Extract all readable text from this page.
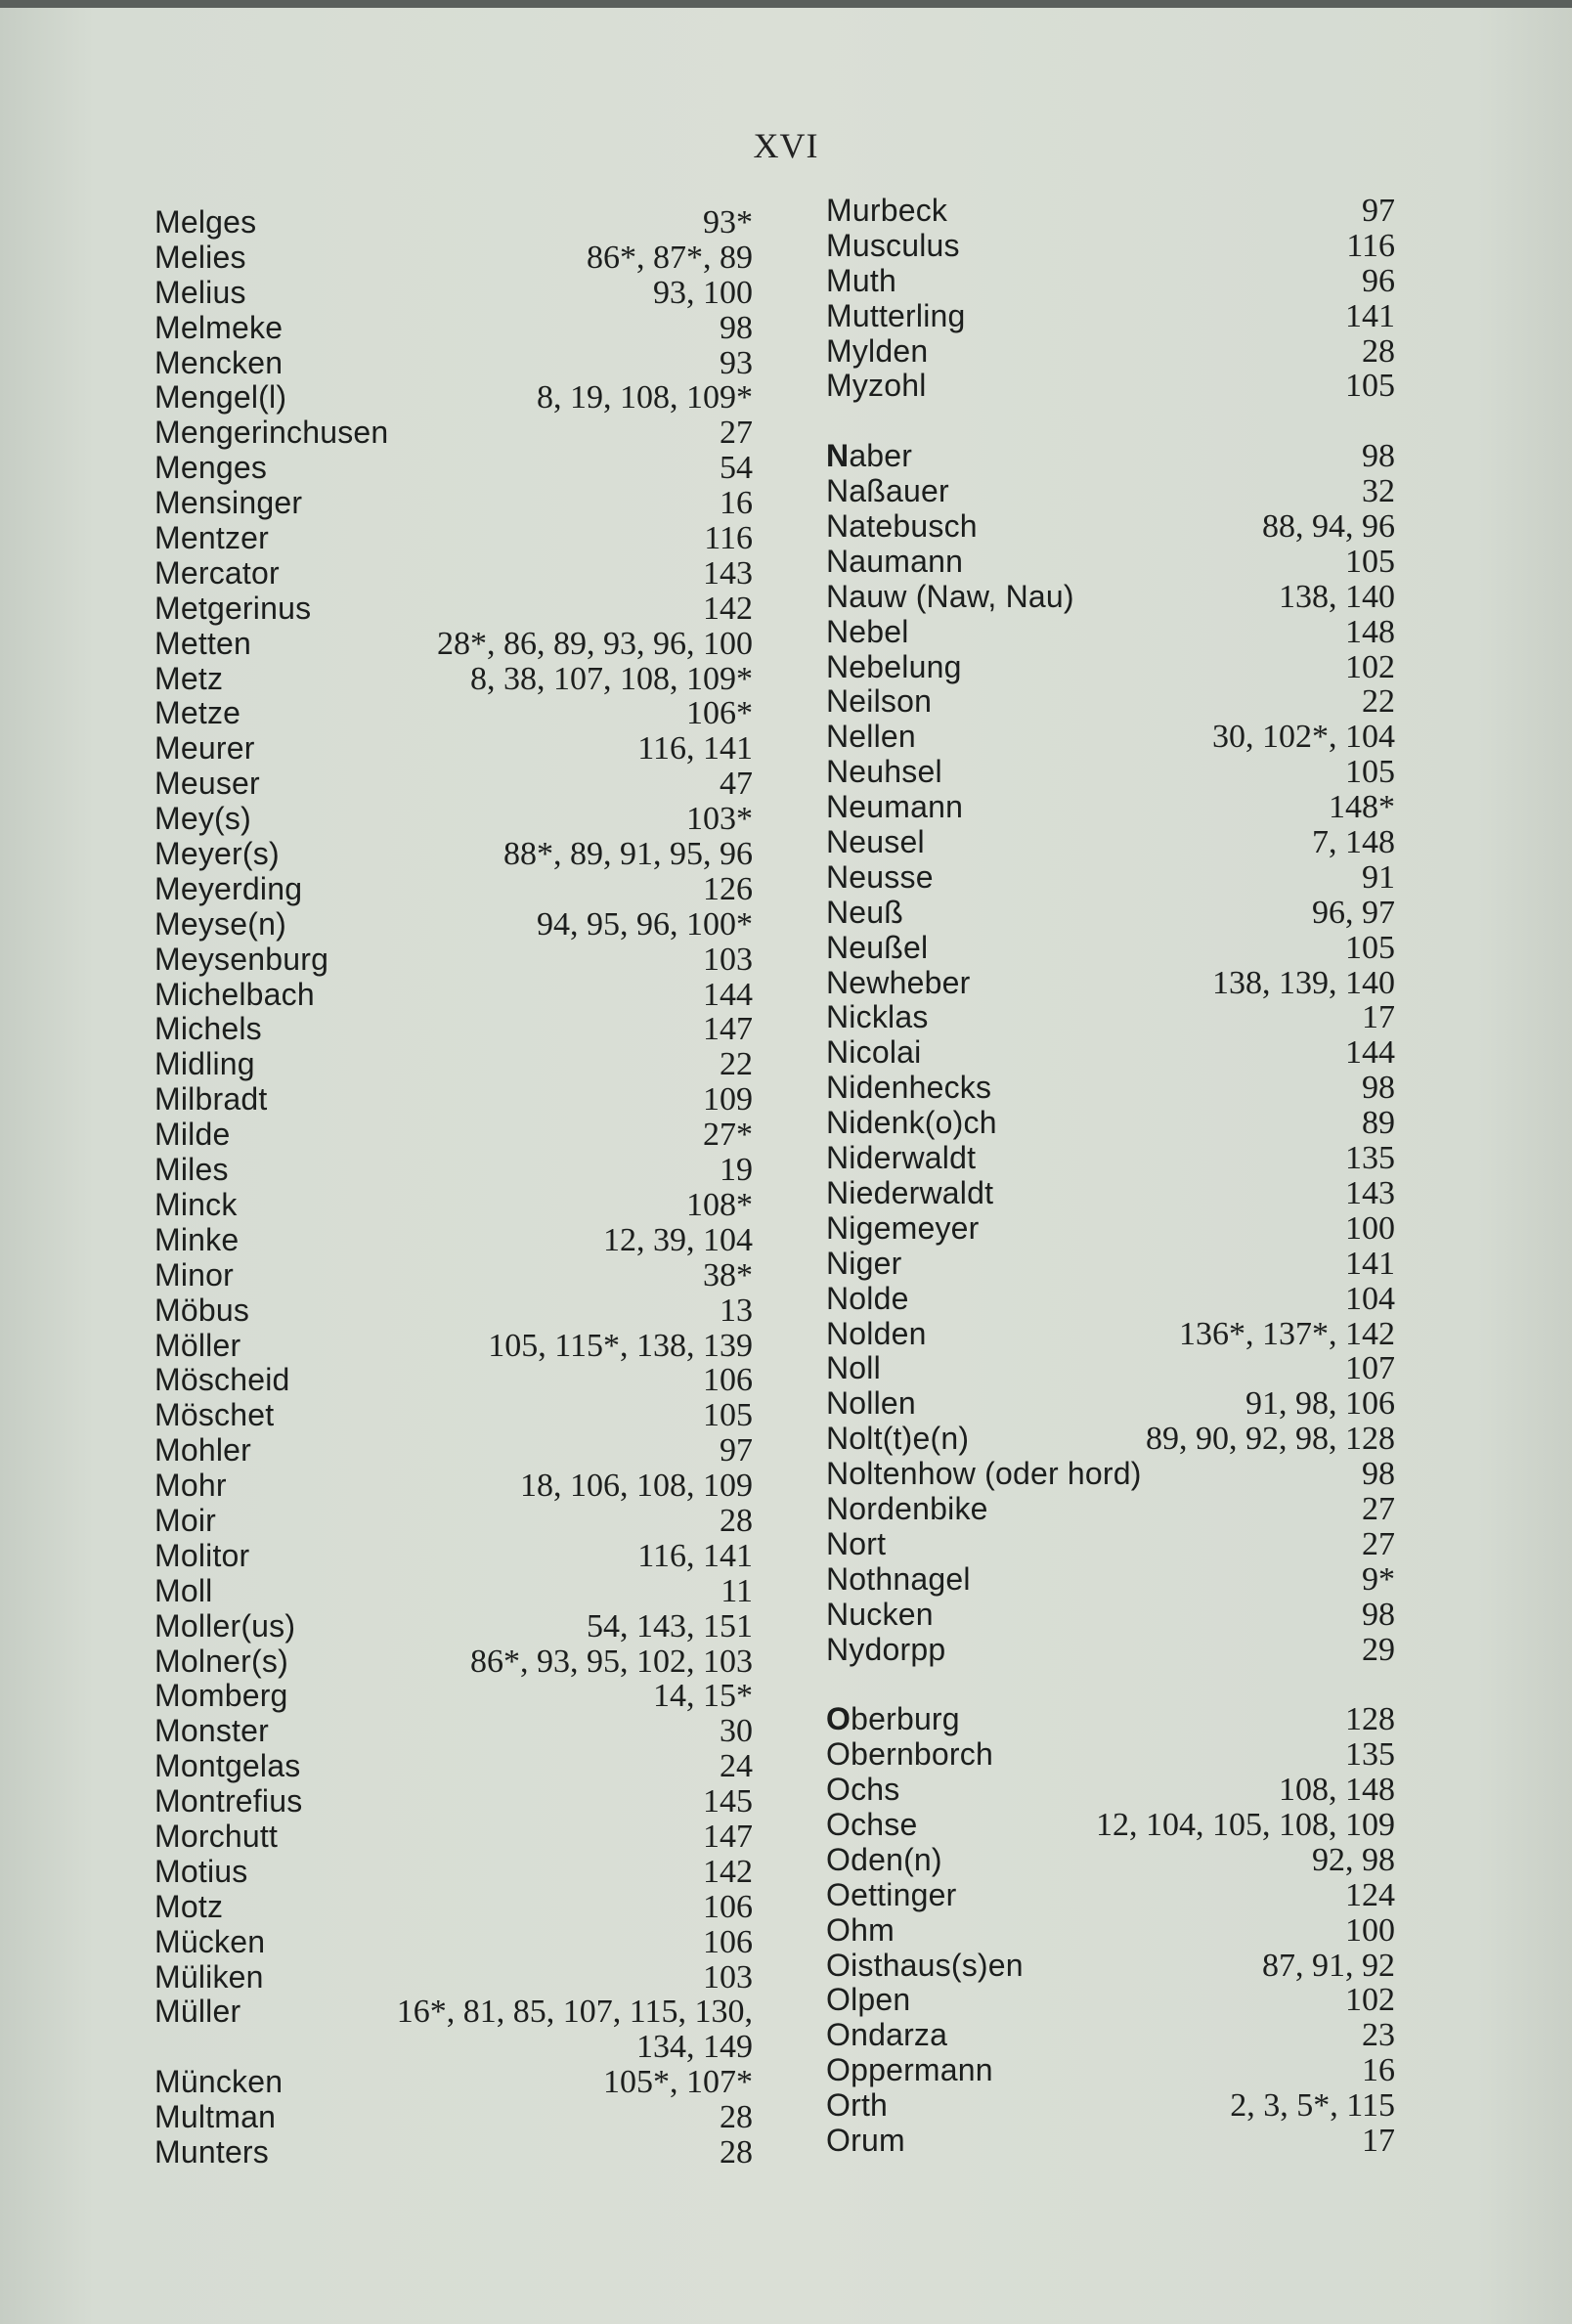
XVI
Melges	93*
Melies	86*, 87*, 89
Melius	93, 100
Melmeke	98
Mencken	93
Mengel(l)	8, 19, 108, 109*
Mengerinchusen	27
Menges	54
Mensinger	16
Mentzer	116
Mercator	143
Metgerinus	142
Metten	28*, 86, 89, 93, 96, 100
Metz	8, 38, 107, 108, 109*
Metze	106*
Meurer	116, 141
Meuser	47
Mey(s)	103*
Meyer(s)	88*, 89, 91, 95, 96
Meyerding	126
Meyse(n)	94, 95, 96, 100*
Meysenburg	103
Michelbach	144
Michels	147
Midling	22
Milbradt	109
Milde	27*
Miles	19
Minck	108*
Minke	12, 39, 104
Minor	38*
Möbus	13
Möller	105, 115*, 138, 139
Möscheid	106
Möschet	105
Mohler	97
Mohr	18, 106, 108, 109
Moir	28
Molitor	116, 141
Moll	11
Moller(us)	54, 143, 151
Molner(s)	86*, 93, 95, 102, 103
Momberg	14, 15*
Monster	30
Montgelas	24
Montrefius	145
Morchutt	147
Motius	142
Motz	106
Mücken	106
Müliken	103
Müller	16*, 81, 85, 107, 115, 130,
134, 149
Müncken	105*, 107*
Multman	28
Munters	28
Murbeck	97
Musculus	116
Muth	96
Mutterling	141
Mylden	28
Myzohl	105
Naber	98
Naßauer	32
Natebusch	88, 94, 96
Naumann	105
Nauw (Naw, Nau)	138, 140
Nebel	148
Nebelung	102
Neilson	22
Nellen	30, 102*, 104
Neuhsel	105
Neumann	148*
Neusel	7, 148
Neusse	91
Neuß	96, 97
Neußel	105
Newheber	138, 139, 140
Nicklas	17
Nicolai	144
Nidenhecks	98
Nidenk(o)ch	89
Niderwaldt	135
Niederwaldt	143
Nigemeyer	100
Niger	141
Nolde	104
Nolden	136*, 137*, 142
Noll	107
Nollen	91, 98, 106
Nolt(t)e(n)	89, 90, 92, 98, 128
Noltenhow (oder hord)	98
Nordenbike	27
Nort	27
Nothnagel	9*
Nucken	98
Nydorpp	29
Oberburg	128
Obernborch	135
Ochs	108, 148
Ochse	12, 104, 105, 108, 109
Oden(n)	92, 98
Oettinger	124
Ohm	100
Oisthaus(s)en	87, 91, 92
Olpen	102
Ondarza	23
Oppermann	16
Orth	2, 3, 5*, 115
Orum	17
